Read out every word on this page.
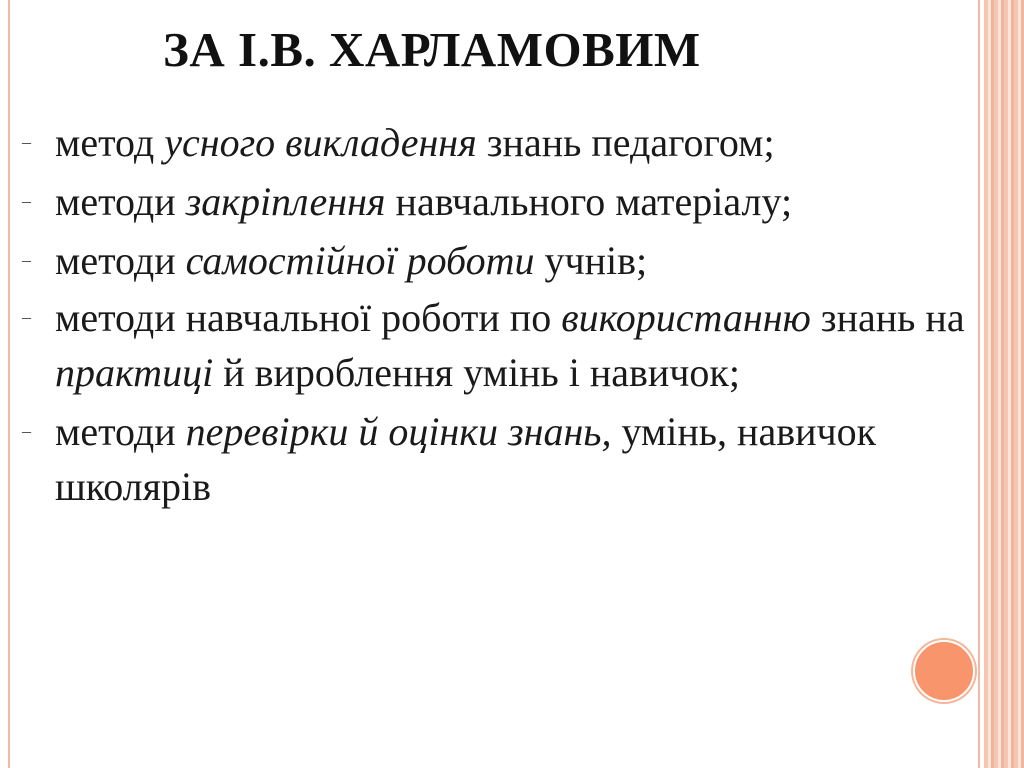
ЗА І.В. ХАРЛАМОВИМ
– метод усного викладення знань педагогом;
– методи закріплення навчального матеріалу;
– методи самостійної роботи учнів;
– методи навчальної роботи по використанню знань на практиці й вироблення умінь і навичок;
– методи перевірки й оцінки знань, умінь, навичок школярів
